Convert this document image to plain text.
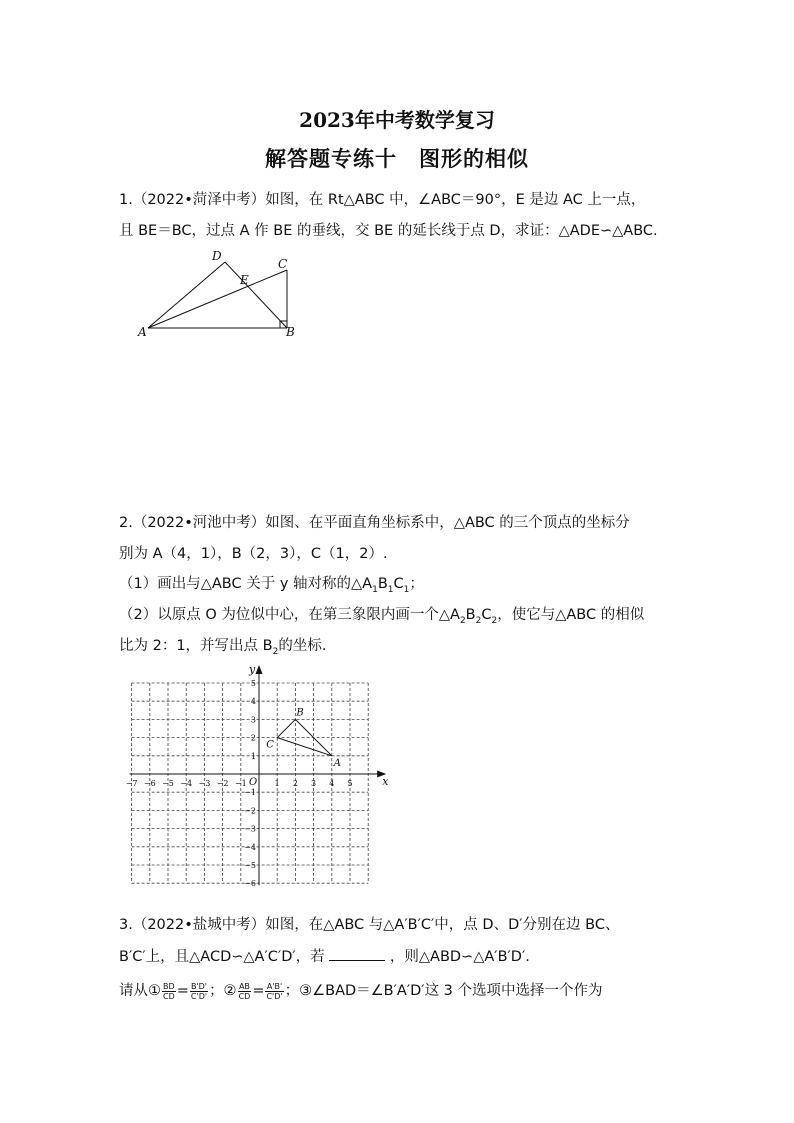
2023年中考数学复习
解答题专练十　图形的相似
1.（2022•菏泽中考）如图，在 Rt△ABC 中，∠ABC＝90°，E 是边 AC 上一点，
且 BE＝BC，过点 A 作 BE 的垂线，交 BE 的延长线于点 D，求证：△ADE∽△ABC.
A	B
C
D
E
2.（2022•河池中考）如图、在平面直角坐标系中，△ABC 的三个顶点的坐标分
别为 A（4，1），B（2，3），C（1，2）.
（1）画出与△ABC 关于 y 轴对称的$\triangle A_1B_1C_1$；
（2）以原点 O 为位似中心，在第三象限内画一个$\triangle A_2B_2C_2$，使它与△ABC 的相似
比为 2：1，并写出点 $B_2$的坐标.
x
y
O
−7 −6 −5 −4 −3 −2 −1	1 2 3 4 5
5
4
3
2
1
−1
−2
−3
−4
−5
−6
A
B
C
3.（2022•盐城中考）如图，在△ABC 与△A′B′C′中，点 D、D′分别在边 BC、
B′C′上，且△ACD∽△A′C′D′，若	，则△ABD∽△A′B′D′.
请从① $\frac{BD}{CD} = \frac{B'D'}{C'D'}$ ；② $\frac{AB}{CD} = \frac{A'B'}{C'D'}$ ；③∠BAD＝∠B′A′D′这 3 个选项中选择一个作为
